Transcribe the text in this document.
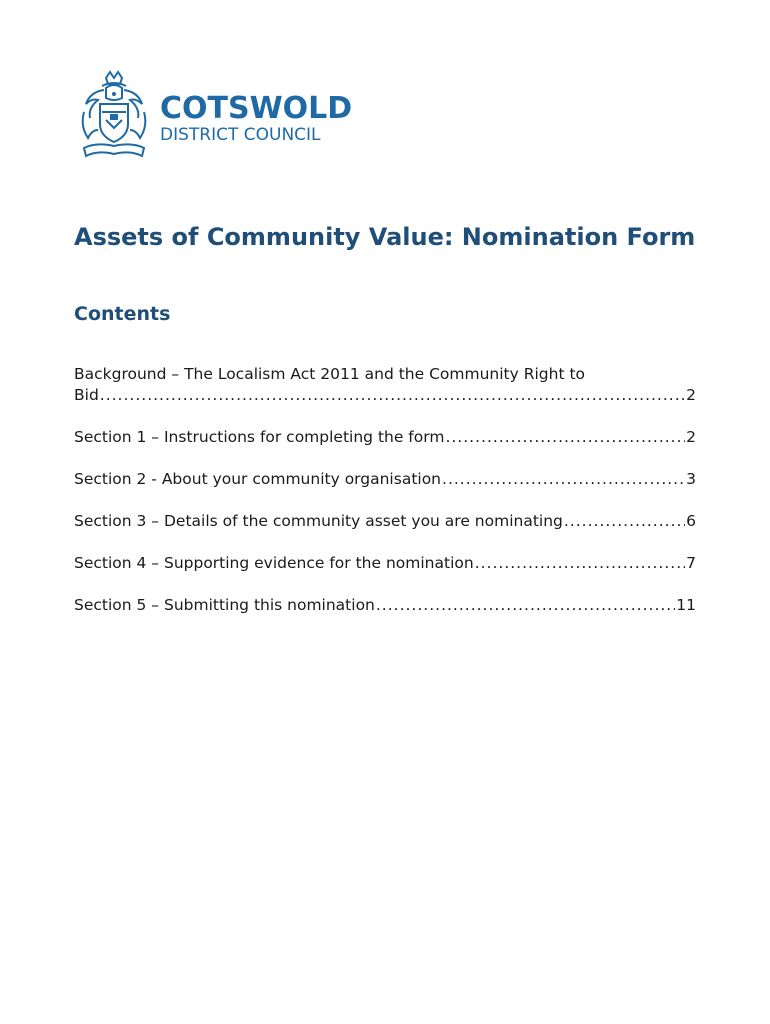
COTSWOLD
DISTRICT COUNCIL
Assets of Community Value: Nomination Form
Contents
Background – The Localism Act 2011 and the Community Right to
Bid .....	2
Section 1 – Instructions for completing the form .....	2
Section 2 - About your community organisation .....	3
Section 3 – Details of the community asset you are nominating .....	6
Section 4 – Supporting evidence for the nomination .....	7
Section 5 – Submitting this nomination .....	11
